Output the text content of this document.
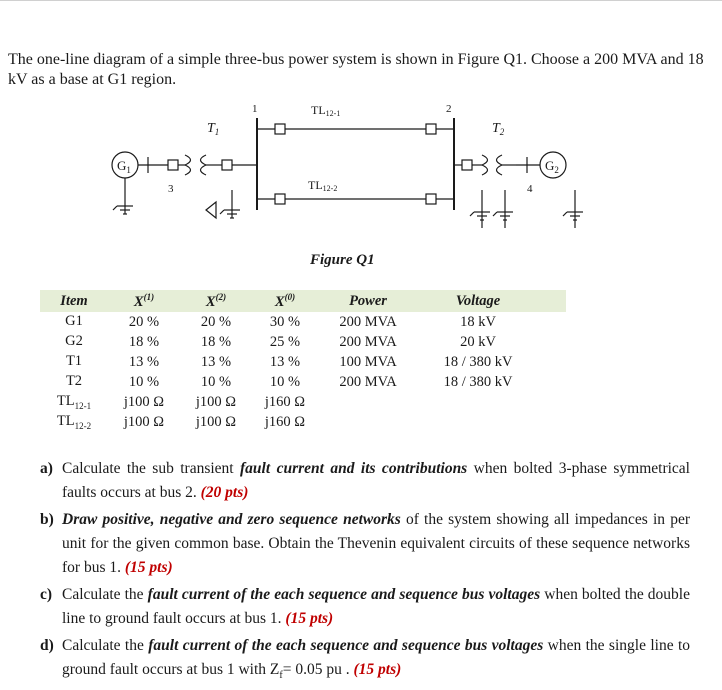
The one-line diagram of a simple three-bus power system is shown in Figure Q1. Choose a 200 MVA and 18 kV as a base at G1 region.
$G_1$
3
$T_1$
1	TL12-1
TL12-2
2
$T_2$
4
$G_2$
Figure Q1
Item	$X^{(1)}$	$X^{(2)}$	$X^{(0)}$	Power	Voltage	
G1	20 %	20 %	30 %	200 MVA	18 kV	
G2	18 %	18 %	25 %	200 MVA	20 kV	
T1	13 %	13 %	13 %	100 MVA	18 / 380 kV	
T2	10 %	10 %	10 %	200 MVA	18 / 380 kV	
$TL_{12-1}$	j100 Ω	j100 Ω	j160 Ω			
$TL_{12-2}$	j100 Ω	j100 Ω	j160 Ω			
a) Calculate the sub transient fault current and its contributions when bolted 3-phase symmetrical faults occurs at bus 2. (20 pts)
b) Draw positive, negative and zero sequence networks of the system showing all impedances in per unit for the given common base. Obtain the Thevenin equivalent circuits of these sequence networks for bus 1. (15 pts)
c) Calculate the fault current of the each sequence and sequence bus voltages when bolted the double line to ground fault occurs at bus 1. (15 pts)
d) Calculate the fault current of the each sequence and sequence bus voltages when the single line to ground fault occurs at bus 1 with $Z_f= 0.05$ pu . (15 pts)
